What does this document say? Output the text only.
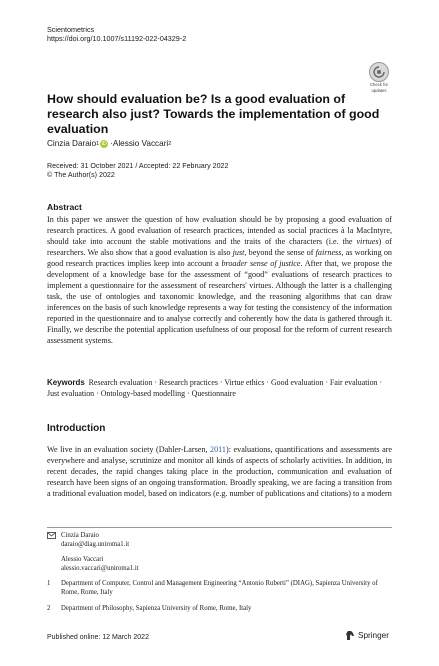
Scientometrics
https://doi.org/10.1007/s11192-022-04329-2
Check for
updates
How should evaluation be? Is a good evaluation of research also just? Towards the implementation of good evaluation
Cinzia Daraio 1 iD · Alessio Vaccari 2
Received: 31 October 2021 / Accepted: 22 February 2022
© The Author(s) 2022
Abstract
In this paper we answer the question of how evaluation should be by proposing a good evaluation of research practices. A good evaluation of research practices, intended as social practices à la MacIntyre, should take into account the stable motivations and the traits of the characters (i.e. the virtues) of researchers. We also show that a good evaluation is also just, beyond the sense of fairness, as working on good research practices implies keep into account a broader sense of justice. After that, we propose the development of a knowledge base for the assessment of “good” evaluations of research practices to implement a questionnaire for the assessment of researchers' virtues. Although the latter is a challenging task, the use of ontologies and taxonomic knowledge, and the reasoning algorithms that can draw inferences on the basis of such knowledge represents a way for testing the consistency of the information reported in the questionnaire and to analyse correctly and coherently how the data is gathered through it. Finally, we describe the potential application usefulness of our proposal for the reform of current research assessment systems.
Keywords Research evaluation · Research practices · Virtue ethics · Good evaluation · Fair evaluation · Just evaluation · Ontology-based modelling · Questionnaire
Introduction
We live in an evaluation society (Dahler-Larsen, 2011): evaluations, quantifications and assessments are everywhere and analyse, scrutinize and monitor all kinds of aspects of scholarly activities. In addition, in recent decades, the rapid changes taking place in the production, communication and evaluation of research have been signs of an ongoing transformation. Broadly speaking, we are facing a transition from a traditional evaluation model, based on indicators (e.g. number of publications and citations) to a modern
Cinzia Daraio
daraio@diag.uniroma1.it
Alessio Vaccari
alessio.vaccari@uniroma1.it
1	Department of Computer, Control and Management Engineering “Antonio Ruberti” (DIAG), Sapienza University of Rome, Rome, Italy
2	Department of Philosophy, Sapienza University of Rome, Rome, Italy
Published online: 12 March 2022	Springer
